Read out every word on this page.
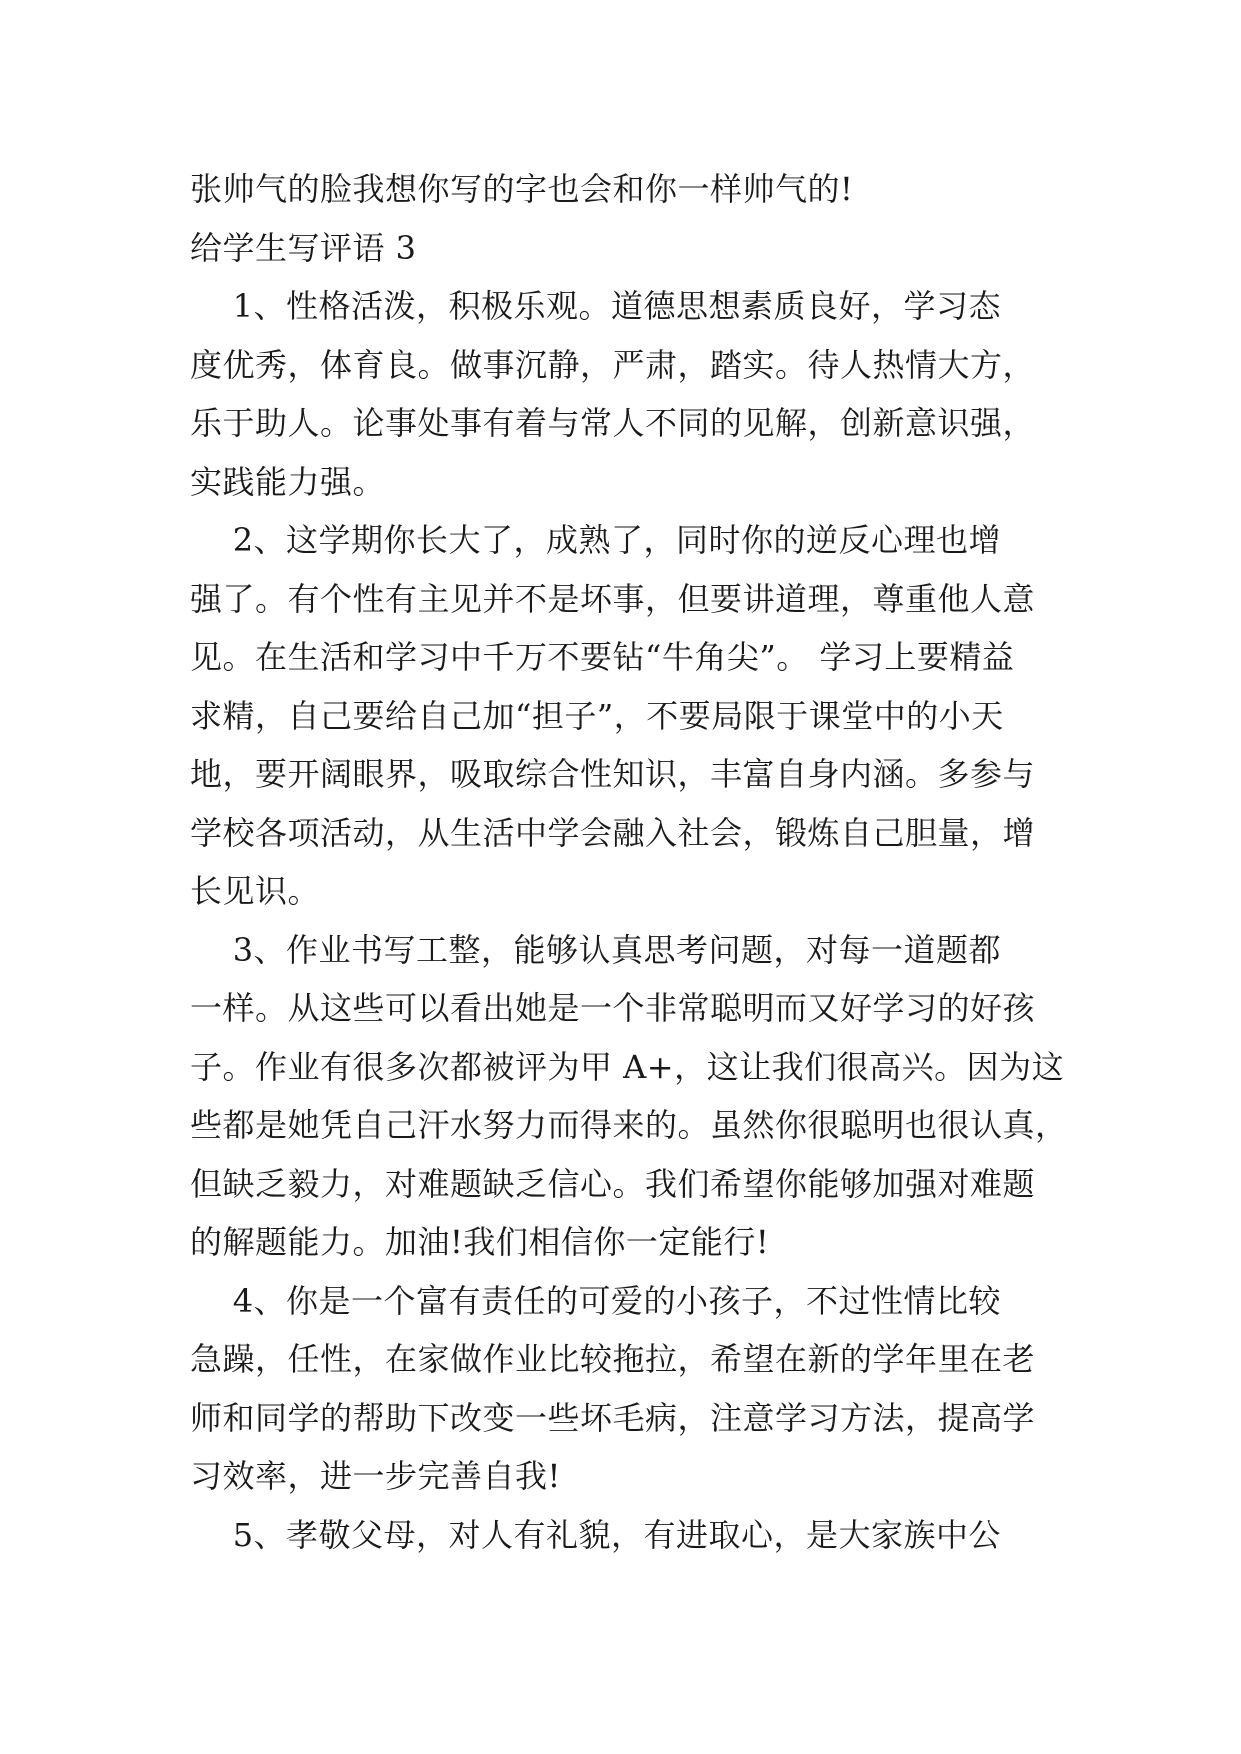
张帅气的脸我想你写的字也会和你一样帅气的!
给学生写评语 3
1、性格活泼，积极乐观。道德思想素质良好，学习态
度优秀，体育良。做事沉静，严肃，踏实。待人热情大方，
乐于助人。论事处事有着与常人不同的见解，创新意识强，
实践能力强。
2、这学期你长大了，成熟了，同时你的逆反心理也增
强了。有个性有主见并不是坏事，但要讲道理，尊重他人意
见。在生活和学习中千万不要钻“牛角尖”。 学习上要精益
求精，自己要给自己加“担子”，不要局限于课堂中的小天
地，要开阔眼界，吸取综合性知识，丰富自身内涵。多参与
学校各项活动，从生活中学会融入社会，锻炼自己胆量，增
长见识。
3、作业书写工整，能够认真思考问题，对每一道题都
一样。从这些可以看出她是一个非常聪明而又好学习的好孩
子。作业有很多次都被评为甲 A+，这让我们很高兴。因为这
些都是她凭自己汗水努力而得来的。虽然你很聪明也很认真，
但缺乏毅力，对难题缺乏信心。我们希望你能够加强对难题
的解题能力。加油!我们相信你一定能行!
4、你是一个富有责任的可爱的小孩子，不过性情比较
急躁，任性，在家做作业比较拖拉，希望在新的学年里在老
师和同学的帮助下改变一些坏毛病，注意学习方法，提高学
习效率，进一步完善自我!
5、孝敬父母，对人有礼貌，有进取心，是大家族中公
